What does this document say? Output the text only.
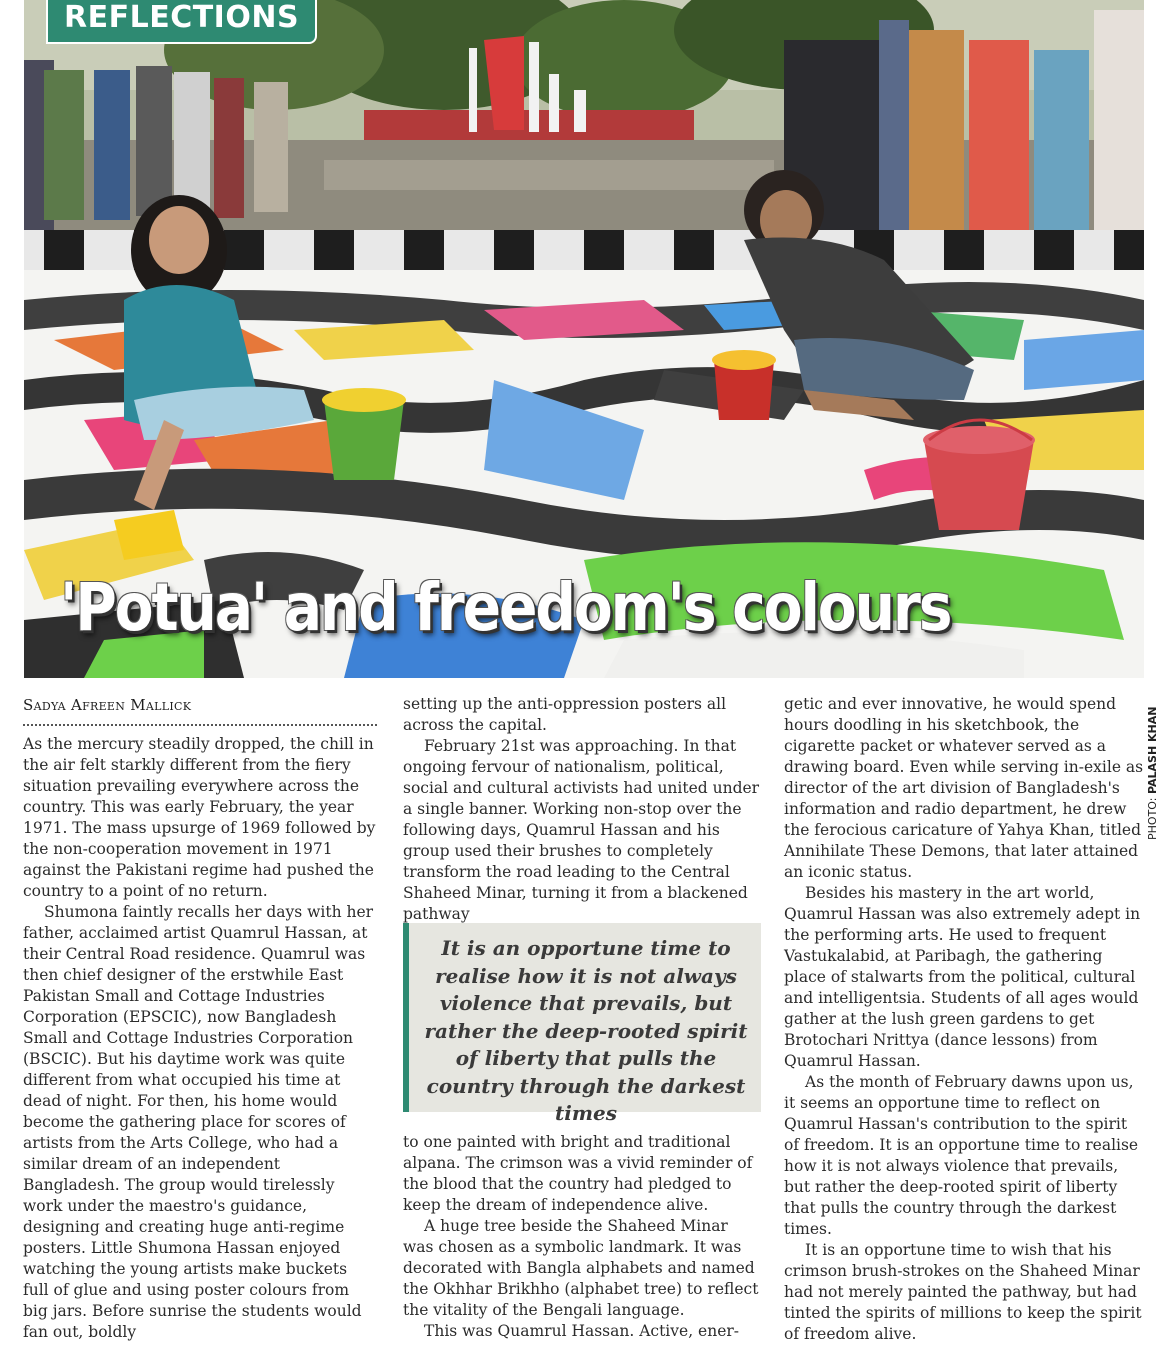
REFLECTIONS
'Potua' and freedom's colours
PHOTO: PALASH KHAN
Sadya Afreen Mallick

As the mercury steadily dropped, the chill in the air felt starkly different from the fiery situation prevailing everywhere across the country. This was early February, the year 1971. The mass upsurge of 1969 followed by the non-cooperation movement in 1971 against the Pakistani regime had pushed the country to a point of no return.

Shumona faintly recalls her days with her father, acclaimed artist Quamrul Hassan, at their Central Road residence. Quamrul was then chief designer of the erstwhile East Pakistan Small and Cottage Industries Corporation (EPSCIC), now Bangladesh Small and Cottage Industries Corporation (BSCIC). But his daytime work was quite different from what occupied his time at dead of night. For then, his home would become the gathering place for scores of artists from the Arts College, who had a similar dream of an independent Bangladesh. The group would tirelessly work under the maestro's guidance, designing and creating huge anti-regime posters. Little Shumona Hassan enjoyed watching the young artists make buckets full of glue and using poster colours from big jars. Before sunrise the students would fan out, boldly

setting up the anti-oppression posters all across the capital.

February 21st was approaching. In that ongoing fervour of nationalism, political, social and cultural activists had united under a single banner. Working non-stop over the following days, Quamrul Hassan and his group used their brushes to completely transform the road leading to the Central Shaheed Minar, turning it from a blackened pathway

It is an opportune time to realise how it is not always violence that prevails, but rather the deep-rooted spirit of liberty that pulls the country through the darkest times

to one painted with bright and traditional alpana. The crimson was a vivid reminder of the blood that the country had pledged to keep the dream of independence alive.

A huge tree beside the Shaheed Minar was chosen as a symbolic landmark. It was decorated with Bangla alphabets and named the Okhhar Brikhho (alphabet tree) to reflect the vitality of the Bengali language.

This was Quamrul Hassan. Active, ener-

getic and ever innovative, he would spend hours doodling in his sketchbook, the cigarette packet or whatever served as a drawing board. Even while serving in-exile as director of the art division of Bangladesh's information and radio department, he drew the ferocious caricature of Yahya Khan, titled Annihilate These Demons, that later attained an iconic status.

Besides his mastery in the art world, Quamrul Hassan was also extremely adept in the performing arts. He used to frequent Vastukalabid, at Paribagh, the gathering place of stalwarts from the political, cultural and intelligentsia. Students of all ages would gather at the lush green gardens to get Brotochari Nrittya (dance lessons) from Quamrul Hassan.

As the month of February dawns upon us, it seems an opportune time to reflect on Quamrul Hassan's contribution to the spirit of freedom. It is an opportune time to realise how it is not always violence that prevails, but rather the deep-rooted spirit of liberty that pulls the country through the darkest times.

It is an opportune time to wish that his crimson brush-strokes on the Shaheed Minar had not merely painted the pathway, but had tinted the spirits of millions to keep the spirit of freedom alive.
